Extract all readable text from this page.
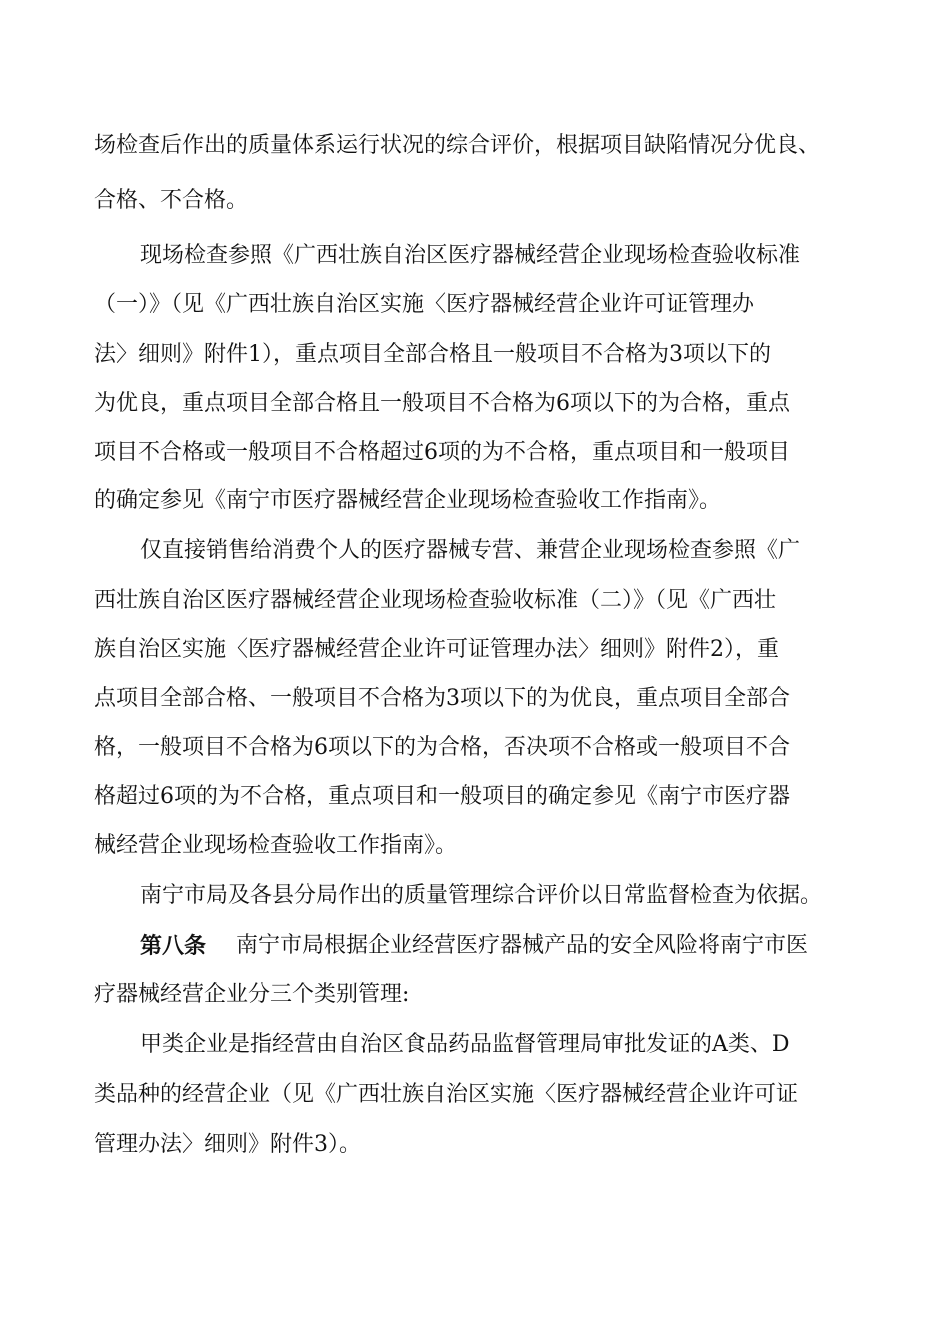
场检查后作出的质量体系运行状况的综合评价，根据项目缺陷情况分优良、
合格、不合格。
现场检查参照《广西壮族自治区医疗器械经营企业现场检查验收标准
（一）》（见《广西壮族自治区实施〈医疗器械经营企业许可证管理办
法〉细则》附件1），重点项目全部合格且一般项目不合格为3项以下的
为优良，重点项目全部合格且一般项目不合格为6项以下的为合格，重点
项目不合格或一般项目不合格超过6项的为不合格，重点项目和一般项目
的确定参见《南宁市医疗器械经营企业现场检查验收工作指南》。
仅直接销售给消费个人的医疗器械专营、兼营企业现场检查参照《广
西壮族自治区医疗器械经营企业现场检查验收标准（二）》（见《广西壮
族自治区实施〈医疗器械经营企业许可证管理办法〉细则》附件2），重
点项目全部合格、一般项目不合格为3项以下的为优良，重点项目全部合
格，一般项目不合格为6项以下的为合格，否决项不合格或一般项目不合
格超过6项的为不合格，重点项目和一般项目的确定参见《南宁市医疗器
械经营企业现场检查验收工作指南》。
南宁市局及各县分局作出的质量管理综合评价以日常监督检查为依据。
第八条 南宁市局根据企业经营医疗器械产品的安全风险将南宁市医
疗器械经营企业分三个类别管理:
甲类企业是指经营由自治区食品药品监督管理局审批发证的A类、D
类品种的经营企业（见《广西壮族自治区实施〈医疗器械经营企业许可证
管理办法〉细则》附件3）。
